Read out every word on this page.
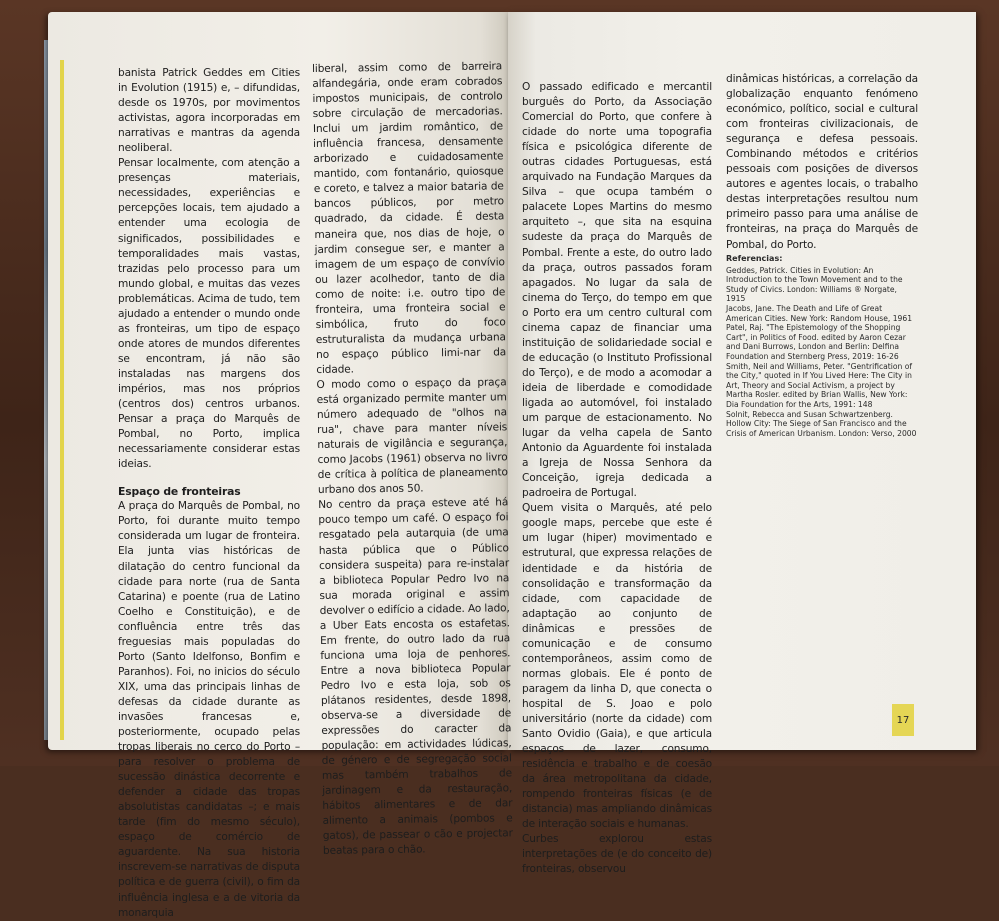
banista Patrick Geddes em Cities in Evolution (1915) e, – difundidas, desde os 1970s, por movimentos activistas, agora incorporadas em narrativas e mantras da agenda neoliberal.

Pensar localmente, com atenção a presenças materiais, necessidades, experiências e percepções locais, tem ajudado a entender uma ecologia de significados, possibilidades e temporalidades mais vastas, trazidas pelo processo para um mundo global, e muitas das vezes problemáticas. Acima de tudo, tem ajudado a entender o mundo onde as fronteiras, um tipo de espaço onde atores de mundos diferentes se encontram, já não são instaladas nas margens dos impérios, mas nos próprios (centros dos) centros urbanos. Pensar a praça do Marquês de Pombal, no Porto, implica necessariamente considerar estas ideias.

Espaço de fronteiras

A praça do Marquês de Pombal, no Porto, foi durante muito tempo considerada um lugar de fronteira. Ela junta vias históricas de dilatação do centro funcional da cidade para norte (rua de Santa Catarina) e poente (rua de Latino Coelho e Constituição), e de confluência entre três das freguesias mais populadas do Porto (Santo Idelfonso, Bonfim e Paranhos). Foi, no inicios do século XIX, uma das principais linhas de defesas da cidade durante as invasões francesas e, posteriormente, ocupado pelas tropas liberais no cerco do Porto – para resolver o problema de sucessão dinástica decorrente e defender a cidade das tropas absolutistas candidatas –; e mais tarde (fim do mesmo século), espaço de comércio de aguardente. Na sua historia inscrevem-se narrativas de disputa política e de guerra (civil), o fim da influência inglesa e a de vitoria da monarquia

liberal, assim como de barreira alfandegária, onde eram cobrados impostos municipais, de controlo sobre circulação de mercadorias. Inclui um jardim romântico, de influência francesa, densamente arborizado e cuidadosamente mantido, com fontanário, quiosque e coreto, e talvez a maior bataria de bancos públicos, por metro quadrado, da cidade. É desta maneira que, nos dias de hoje, o jardim consegue ser, e manter a imagem de um espaço de convívio ou lazer acolhedor, tanto de dia como de noite: i.e. outro tipo de fronteira, uma fronteira social e simbólica, fruto do foco estruturalista da mudança urbana no espaço público limi-nar da cidade.

O modo como o espaço da praça está organizado permite manter um número adequado de "olhos na rua", chave para manter níveis naturais de vigilância e segurança, como Jacobs (1961) observa no livro de crítica à política de planeamento urbano dos anos 50.

No centro da praça esteve até há pouco tempo um café. O espaço foi resgatado pela autarquia (de uma hasta pública que o Público considera suspeita) para re-instalar a biblioteca Popular Pedro Ivo na sua morada original e assim devolver o edifício a cidade. Ao lado, a Uber Eats encosta os estafetas. Em frente, do outro lado da rua funciona uma loja de penhores. Entre a nova biblioteca Popular Pedro Ivo e esta loja, sob os plátanos residentes, desde 1898, observa-se a diversidade de expressões do caracter da população: em actividades lúdicas, de género e de segregação social mas também trabalhos de jardinagem e da restauração, hábitos alimentares e de dar alimento a animais (pombos e gatos), de passear o cão e projectar beatas para o chão.

O passado edificado e mercantil burguês do Porto, da Associação Comercial do Porto, que confere à cidade do norte uma topografia física e psicológica diferente de outras cidades Portuguesas, está arquivado na Fundação Marques da Silva – que ocupa também o palacete Lopes Martins do mesmo arquiteto –, que sita na esquina sudeste da praça do Marquês de Pombal. Frente a este, do outro lado da praça, outros passados foram apagados. No lugar da sala de cinema do Terço, do tempo em que o Porto era um centro cultural com cinema capaz de financiar uma instituição de solidariedade social e de educação (o Instituto Profissional do Terço), e de modo a acomodar a ideia de liberdade e comodidade ligada ao automóvel, foi instalado um parque de estacionamento. No lugar da velha capela de Santo Antonio da Aguardente foi instalada a Igreja de Nossa Senhora da Conceição, igreja dedicada a padroeira de Portugal.

Quem visita o Marquês, até pelo google maps, percebe que este é um lugar (hiper) movimentado e estrutural, que expressa relações de identidade e da história de consolidação e transformação da cidade, com capacidade de adaptação ao conjunto de dinâmicas e pressões de comunicação e de consumo contemporâneos, assim como de normas globais. Ele é ponto de paragem da linha D, que conecta o hospital de S. Joao e polo universitário (norte da cidade) com Santo Ovidio (Gaia), e que articula espaços de lazer, consumo, residência e trabalho e de coesão da área metropolitana da cidade, rompendo fronteiras físicas (e de distancia) mas ampliando dinâmicas de interação sociais e humanas.

Curbes explorou estas interpretações de (e do conceito de) fronteiras, observou

dinâmicas históricas, a correlação da globalização enquanto fenómeno económico, político, social e cultural com fronteiras civilizacionais, de segurança e defesa pessoais. Combinando métodos e critérios pessoais com posições de diversos autores e agentes locais, o trabalho destas interpretações resultou num primeiro passo para uma análise de fronteiras, na praça do Marquês de Pombal, do Porto.

Referencias:

Geddes, Patrick. Cities in Evolution: An Introduction to the Town Movement and to the Study of Civics. London: Williams ® Norgate, 1915

Jacobs, Jane. The Death and Life of Great American Cities. New York: Random House, 1961

Patel, Raj. "The Epistemology of the Shopping Cart", in Politics of Food. edited by Aaron Cezar and Dani Burrows, London and Berlin: Delfina Foundation and Sternberg Press, 2019: 16-26

Smith, Neil and Williams, Peter. "Gentrification of the City," quoted in If You Lived Here: The City in Art, Theory and Social Activism, a project by Martha Rosler. edited by Brian Wallis, New York: Dia Foundation for the Arts, 1991: 148

Solnit, Rebecca and Susan Schwartzenberg. Hollow City: The Siege of San Francisco and the Crisis of American Urbanism. London: Verso, 2000

17
